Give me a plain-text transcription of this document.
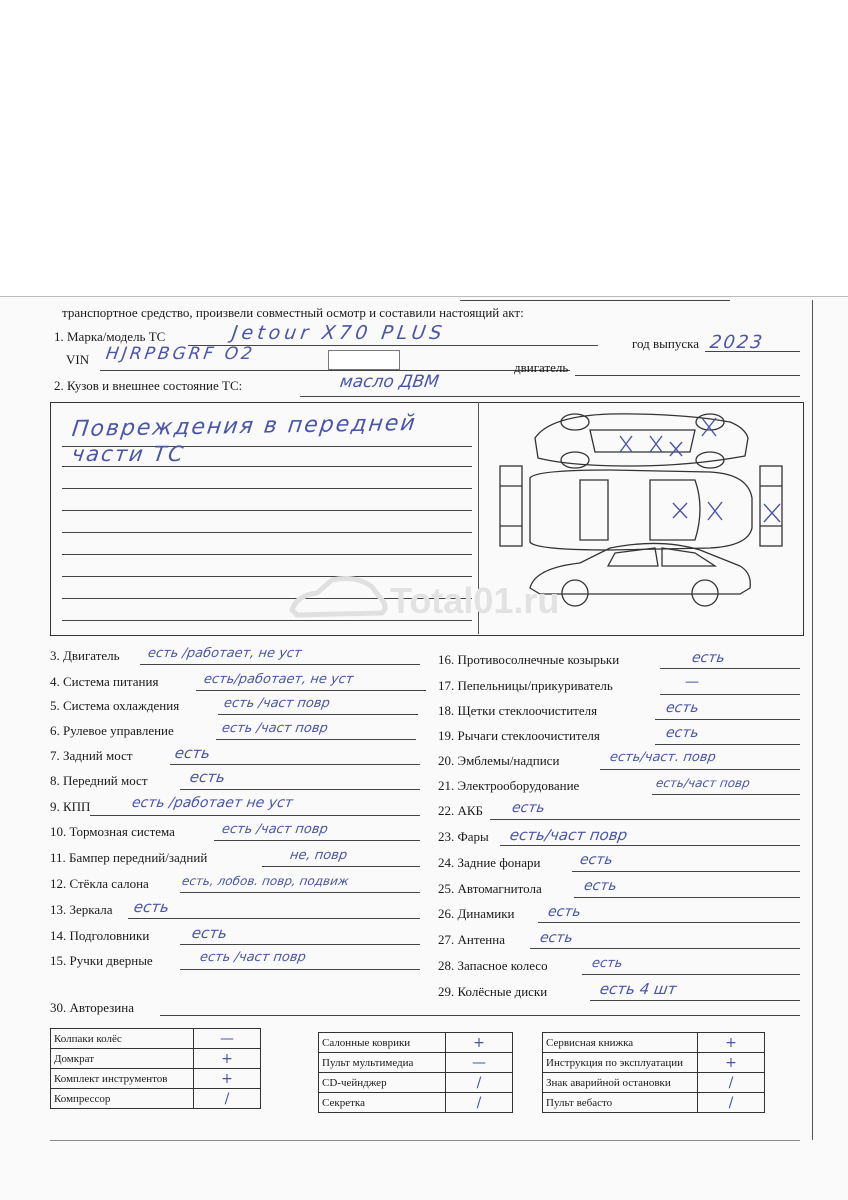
транспортное средство, произвели совместный осмотр и составили настоящий акт:
1. Марка/модель ТС	Jetour X70 PLUS	год выпуска 2023
VIN HJRPBGRF O2
двигатель
2. Кузов и внешнее состояние ТС:	масло ДВМ
Повреждения в передней
части ТС
Total01.ru
3. Двигатель есть /работает, не уст
4. Система питания	есть/работает, не уст
5. Система охлаждения	есть /част повр
6. Рулевое управление	есть /част повр
7. Задний мост	есть
8. Передний мост	есть
9. КПП	есть /работает не уст
10. Тормозная система	есть /част повр
11. Бампер передний/задний	не, повр
12. Стёкла салона	есть, лобов. повр, подвиж
13. Зеркала есть
14. Подголовники	есть
15. Ручки дверные	есть /част повр
16. Противосолнечные козырьки	есть
17. Пепельницы/прикуриватель	—
18. Щетки стеклоочистителя	есть
19. Рычаги стеклоочистителя	есть
20. Эмблемы/надписи	есть/част. повр
21. Электрооборудование	есть/част повр
22. АКБ есть
23. Фары есть/част повр
24. Задние фонари	есть
25. Автомагнитола	есть
26. Динамики есть
27. Антенна есть
28. Запасное колесо	есть
29. Колёсные диски	есть 4 шт
30. Авторезина
Колпаки колёс	—
Домкрат	+
Комплект инструментов	+
Компрессор	/
Салонные коврики	+
Пульт мультимедиа	—
CD-чейнджер	/
Секретка	/
Сервисная книжка	+
Инструкция по эксплуатации	+
Знак аварийной остановки	/
Пульт вебасто	/
